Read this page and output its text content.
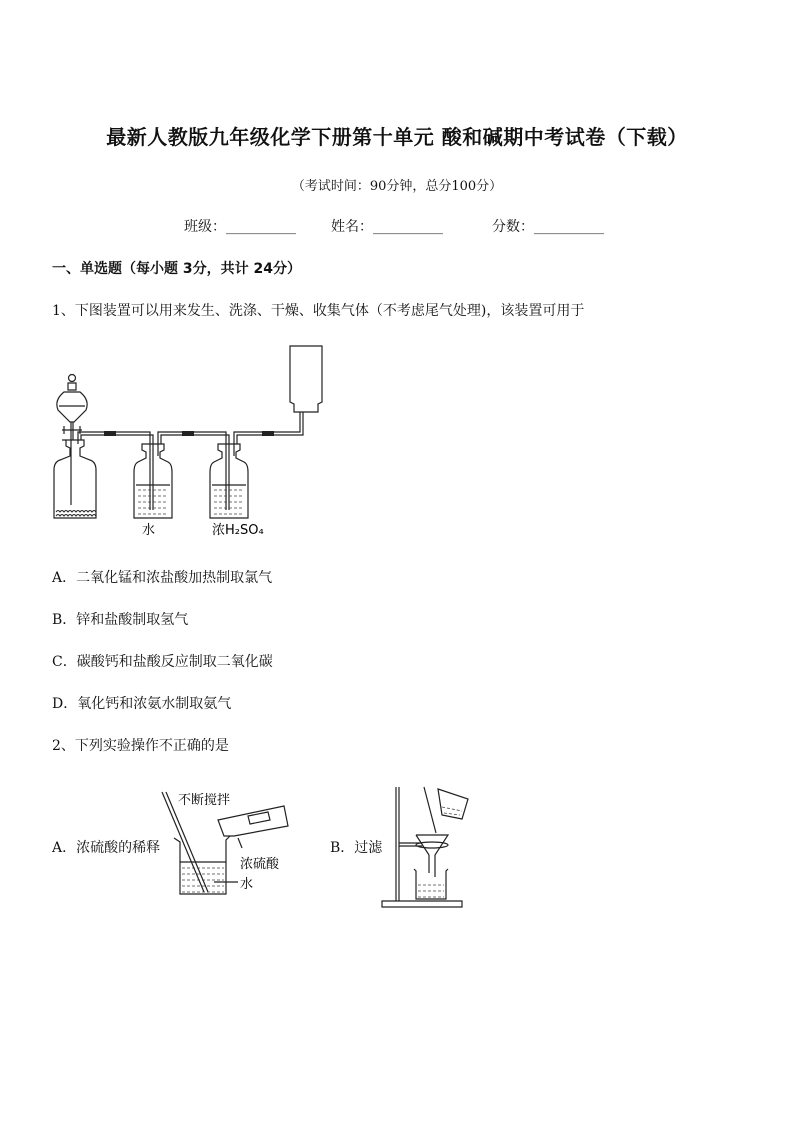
最新人教版九年级化学下册第十单元 酸和碱期中考试卷（下载）
（考试时间：90分钟，总分100分）
班级：__________	姓名：__________	分数：__________
一、单选题（每小题 3分，共计 24分）
1、下图装置可以用来发生、洗涤、干燥、收集气体（不考虑尾气处理)，该装置可用于
水	浓H₂SO₄
A．二氧化锰和浓盐酸加热制取氯气
B．锌和盐酸制取氢气
C．碳酸钙和盐酸反应制取二氧化碳
D．氧化钙和浓氨水制取氨气
2、下列实验操作不正确的是
A．浓硫酸的稀释
不断搅拌
浓硫酸
水
B．过滤
